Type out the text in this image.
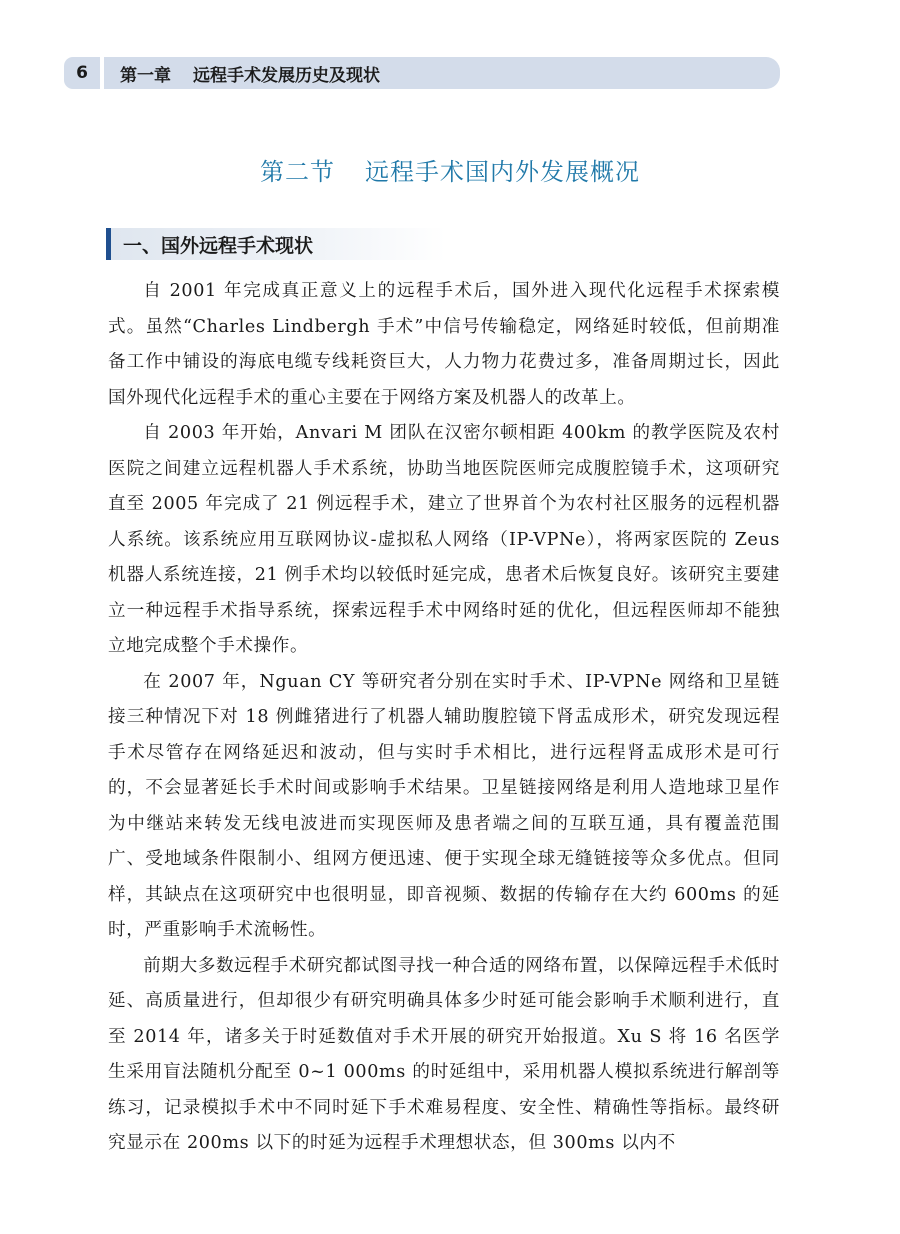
6	第一章 远程手术发展历史及现状
第二节 远程手术国内外发展概况
一、国外远程手术现状

自 2001 年完成真正意义上的远程手术后，国外进入现代化远程手术探索模式。虽然“Charles Lindbergh 手术”中信号传输稳定，网络延时较低，但前期准备工作中铺设的海底电缆专线耗资巨大，人力物力花费过多，准备周期过长，因此国外现代化远程手术的重心主要在于网络方案及机器人的改革上。

自 2003 年开始，Anvari M 团队在汉密尔顿相距 400km 的教学医院及农村医院之间建立远程机器人手术系统，协助当地医院医师完成腹腔镜手术，这项研究直至 2005 年完成了 21 例远程手术，建立了世界首个为农村社区服务的远程机器人系统。该系统应用互联网协议-虚拟私人网络（IP-VPNe），将两家医院的 Zeus 机器人系统连接，21 例手术均以较低时延完成，患者术后恢复良好。该研究主要建立一种远程手术指导系统，探索远程手术中网络时延的优化，但远程医师却不能独立地完成整个手术操作。

在 2007 年，Nguan CY 等研究者分别在实时手术、IP-VPNe 网络和卫星链接三种情况下对 18 例雌猪进行了机器人辅助腹腔镜下肾盂成形术，研究发现远程手术尽管存在网络延迟和波动，但与实时手术相比，进行远程肾盂成形术是可行的，不会显著延长手术时间或影响手术结果。卫星链接网络是利用人造地球卫星作为中继站来转发无线电波进而实现医师及患者端之间的互联互通，具有覆盖范围广、受地域条件限制小、组网方便迅速、便于实现全球无缝链接等众多优点。但同样，其缺点在这项研究中也很明显，即音视频、数据的传输存在大约 600ms 的延时，严重影响手术流畅性。

前期大多数远程手术研究都试图寻找一种合适的网络布置，以保障远程手术低时延、高质量进行，但却很少有研究明确具体多少时延可能会影响手术顺利进行，直至 2014 年，诸多关于时延数值对手术开展的研究开始报道。Xu S 将 16 名医学生采用盲法随机分配至 0~1 000ms 的时延组中，采用机器人模拟系统进行解剖等练习，记录模拟手术中不同时延下手术难易程度、安全性、精确性等指标。最终研究显示在 200ms 以下的时延为远程手术理想状态，但 300ms 以内不
